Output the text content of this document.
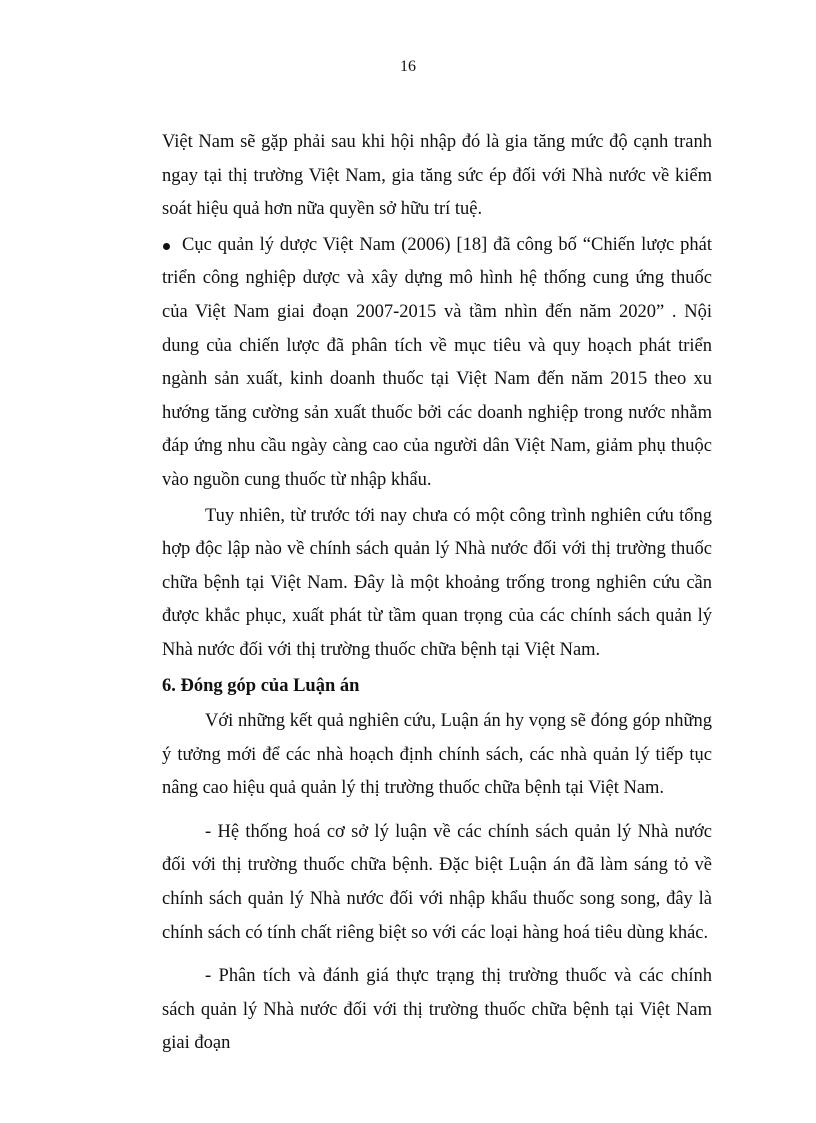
16

Việt Nam sẽ gặp phải sau khi hội nhập đó là gia tăng mức độ cạnh tranh ngay tại thị trường Việt Nam, gia tăng sức ép đối với Nhà nước về kiểm soát hiệu quả hơn nữa quyền sở hữu trí tuệ.

Cục quản lý dược Việt Nam (2006) [18] đã công bố “Chiến lược phát triển công nghiệp dược và xây dựng mô hình hệ thống cung ứng thuốc của Việt Nam giai đoạn 2007-2015 và tầm nhìn đến năm 2020” . Nội dung của chiến lược đã phân tích về mục tiêu và quy hoạch phát triển ngành sản xuất, kinh doanh thuốc tại Việt Nam đến năm 2015 theo xu hướng tăng cường sản xuất thuốc bởi các doanh nghiệp trong nước nhằm đáp ứng nhu cầu ngày càng cao của người dân Việt Nam, giảm phụ thuộc vào nguồn cung thuốc từ nhập khẩu.

Tuy nhiên, từ trước tới nay chưa có một công trình nghiên cứu tổng hợp độc lập nào về chính sách quản lý Nhà nước đối với thị trường thuốc chữa bệnh tại Việt Nam. Đây là một khoảng trống trong nghiên cứu cần được khắc phục, xuất phát từ tầm quan trọng của các chính sách quản lý Nhà nước đối với thị trường thuốc chữa bệnh tại Việt Nam.

6. Đóng góp của Luận án

Với những kết quả nghiên cứu, Luận án hy vọng sẽ đóng góp những ý tưởng mới để các nhà hoạch định chính sách, các nhà quản lý tiếp tục nâng cao hiệu quả quản lý thị trường thuốc chữa bệnh tại Việt Nam.

- Hệ thống hoá cơ sở lý luận về các chính sách quản lý Nhà nước đối với thị trường thuốc chữa bệnh. Đặc biệt Luận án đã làm sáng tỏ về chính sách quản lý Nhà nước đối với nhập khẩu thuốc song song, đây là chính sách có tính chất riêng biệt so với các loại hàng hoá tiêu dùng khác.

- Phân tích và đánh giá thực trạng thị trường thuốc và các chính sách quản lý Nhà nước đối với thị trường thuốc chữa bệnh tại Việt Nam giai đoạn
